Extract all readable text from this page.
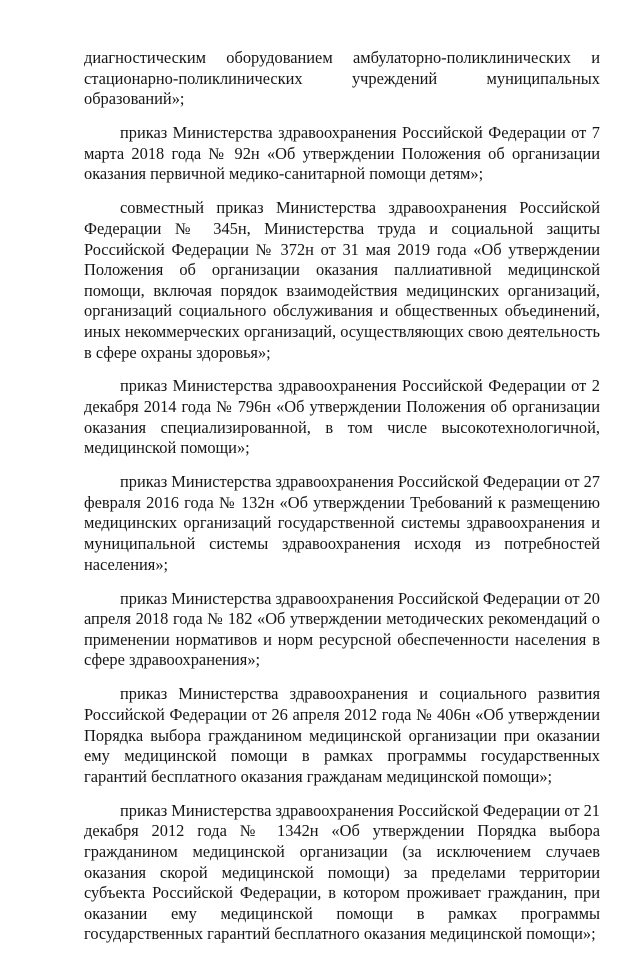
диагностическим оборудованием амбулаторно-поликлинических и стационарно-поликлинических учреждений муниципальных образований»;

приказ Министерства здравоохранения Российской Федерации от 7 марта 2018 года № 92н «Об утверждении Положения об организации оказания первичной медико-санитарной помощи детям»;

совместный приказ Министерства здравоохранения Российской Федерации № 345н, Министерства труда и социальной защиты Российской Федерации № 372н от 31 мая 2019 года «Об утверждении Положения об организации оказания паллиативной медицинской помощи, включая порядок взаимодействия медицинских организаций, организаций социального обслуживания и общественных объединений, иных некоммерческих организаций, осуществляющих свою деятельность в сфере охраны здоровья»;

приказ Министерства здравоохранения Российской Федерации от 2 декабря 2014 года № 796н «Об утверждении Положения об организации оказания специализированной, в том числе высокотехнологичной, медицинской помощи»;

приказ Министерства здравоохранения Российской Федерации от 27 февраля 2016 года № 132н «Об утверждении Требований к размещению медицинских организаций государственной системы здравоохранения и муниципальной системы здравоохранения исходя из потребностей населения»;

приказ Министерства здравоохранения Российской Федерации от 20 апреля 2018 года № 182 «Об утверждении методических рекомендаций о применении нормативов и норм ресурсной обеспеченности населения в сфере здравоохранения»;

приказ Министерства здравоохранения и социального развития Российской Федерации от 26 апреля 2012 года № 406н «Об утверждении Порядка выбора гражданином медицинской организации при оказании ему медицинской помощи в рамках программы государственных гарантий бесплатного оказания гражданам медицинской помощи»;

приказ Министерства здравоохранения Российской Федерации от 21 декабря 2012 года № 1342н «Об утверждении Порядка выбора гражданином медицинской организации (за исключением случаев оказания скорой медицинской помощи) за пределами территории субъекта Российской Федерации, в котором проживает гражданин, при оказании ему медицинской помощи в рамках программы государственных гарантий бесплатного оказания медицинской помощи»;
